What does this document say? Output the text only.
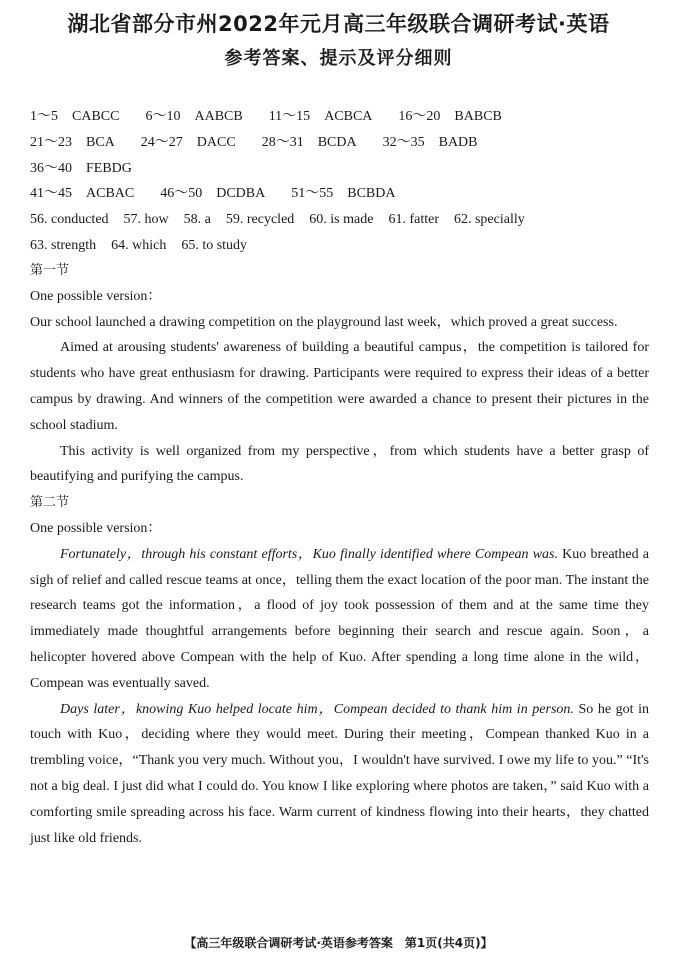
湖北省部分市州2022年元月高三年级联合调研考试·英语
参考答案、提示及评分细则
1～5 CABCC 6～10 AABCB 11～15 ACBCA 16～20 BABCB
21～23 BCA 24～27 DACC 28～31 BCDA 32～35 BADB
36～40 FEBDG
41～45 ACBAC 46～50 DCDBA 51～55 BCBDA
56. conducted 57. how 58. a 59. recycled 60. is made 61. fatter 62. specially
63. strength 64. which 65. to study

第一节

One possible version：

Our school launched a drawing competition on the playground last week，which proved a great success.

Aimed at arousing students' awareness of building a beautiful campus，the competition is tailored for students who have great enthusiasm for drawing. Participants were required to express their ideas of a better campus by drawing. And winners of the competition were awarded a chance to present their pictures in the school stadium.

This activity is well organized from my perspective，from which students have a better grasp of beautifying and purifying the campus.

第二节

One possible version：

Fortunately，through his constant efforts，Kuo finally identified where Compean was. Kuo breathed a sigh of relief and called rescue teams at once，telling them the exact location of the poor man. The instant the research teams got the information，a flood of joy took possession of them and at the same time they immediately made thoughtful arrangements before beginning their search and rescue again. Soon，a helicopter hovered above Compean with the help of Kuo. After spending a long time alone in the wild，Compean was eventually saved.

Days later，knowing Kuo helped locate him，Compean decided to thank him in person. So he got in touch with Kuo，deciding where they would meet. During their meeting，Compean thanked Kuo in a trembling voice，“Thank you very much. Without you，I wouldn't have survived. I owe my life to you.” “It's not a big deal. I just did what I could do. You know I like exploring where photos are taken，” said Kuo with a comforting smile spreading across his face. Warm current of kindness flowing into their hearts，they chatted just like old friends.

【高三年级联合调研考试·英语参考答案　第1页(共4页)】
